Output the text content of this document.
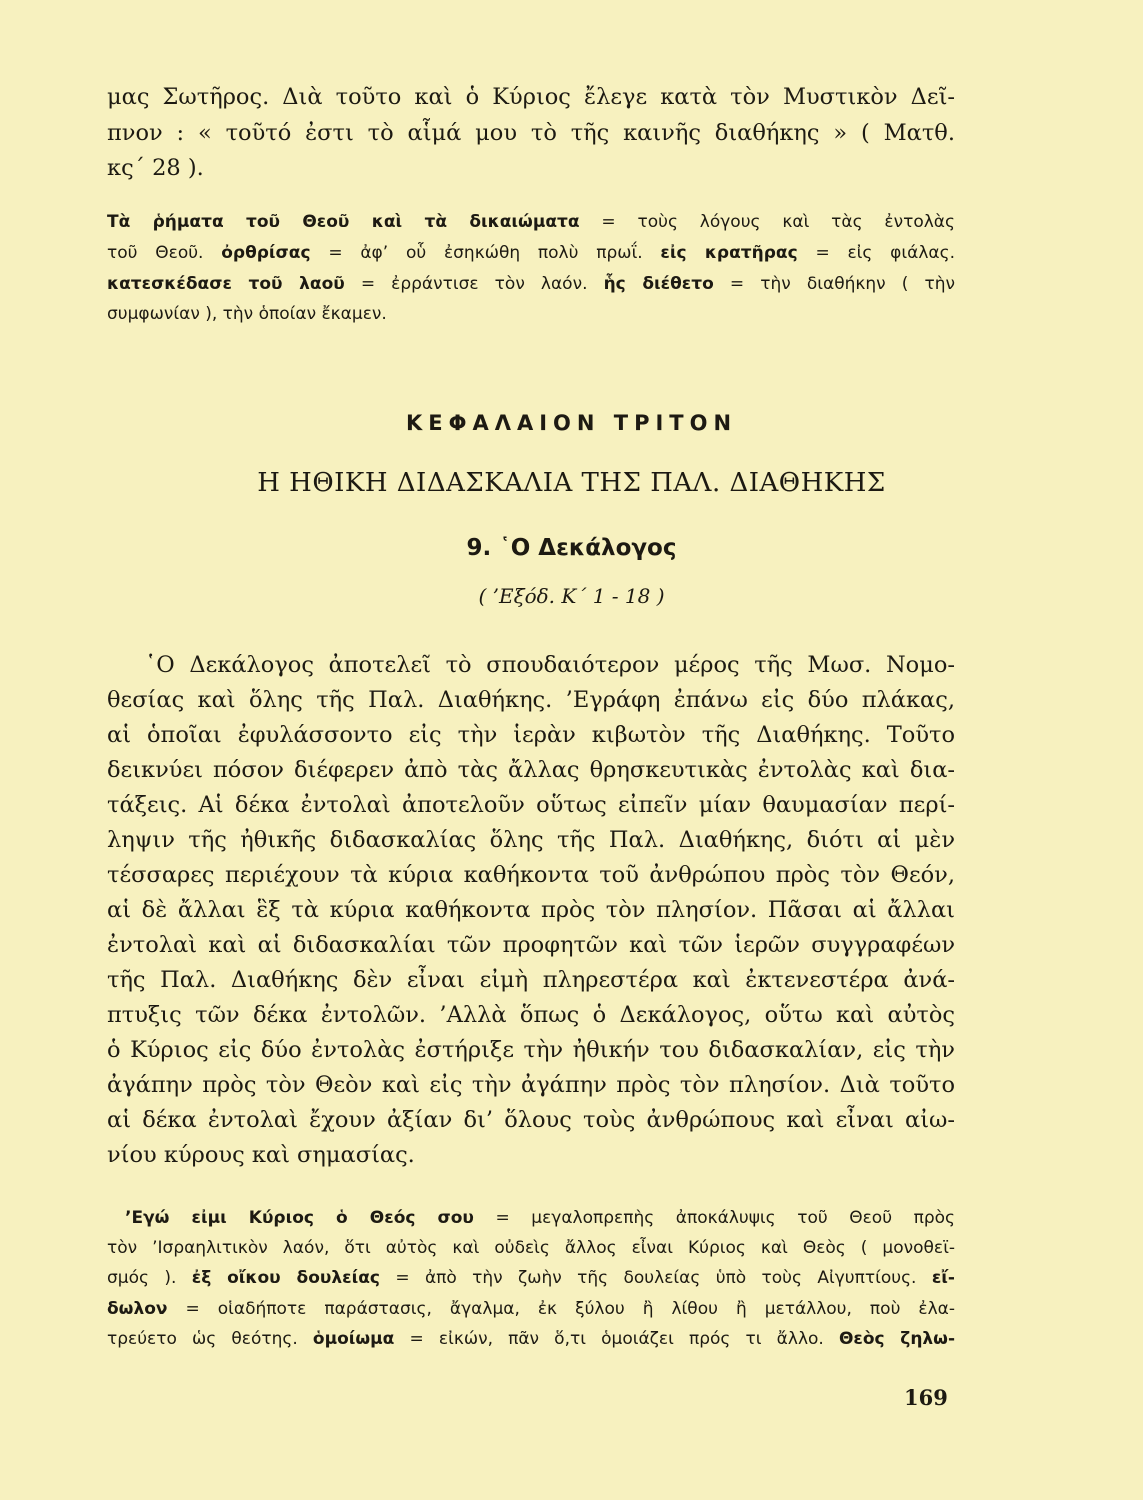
μας Σωτῆρος. Διὰ τοῦτο καὶ ὁ Κύριος ἔλεγε κατὰ τὸν Μυστικὸν Δεῖ-
πνον : « τοῦτό ἐστι τὸ αἷμά μου τὸ τῆς καινῆς διαθήκης » ( Ματθ.
κς΄ 28 ).
Τὰ ῥήματα τοῦ Θεοῦ καὶ τὰ δικαιώματα = τοὺς λόγους καὶ τὰς ἐντολὰς
τοῦ Θεοῦ. ὀρθρίσας = ἀφ’ οὗ ἐσηκώθη πολὺ πρωΐ. εἰς κρατῆρας = εἰς φιάλας.
κατεσκέδασε τοῦ λαοῦ = ἐρράντισε τὸν λαόν. ἧς διέθετο = τὴν διαθήκην ( τὴν
συμφωνίαν ), τὴν ὁποίαν ἔκαμεν.
ΚΕΦΑΛΑΙΟΝ ΤΡΙΤΟΝ
Η ΗΘΙΚΗ ΔΙΔΑΣΚΑΛΙΑ ΤΗΣ ΠΑΛ. ΔΙΑΘΗΚΗΣ
9. ῾Ο Δεκάλογος
( ’Εξόδ. Κ΄ 1 - 18 )
῾Ο Δεκάλογος ἀποτελεῖ τὸ σπουδαιότερον μέρος τῆς Μωσ. Νομο-
θεσίας καὶ ὅλης τῆς Παλ. Διαθήκης. ’Εγράφη ἐπάνω εἰς δύο πλάκας,
αἱ ὁποῖαι ἐφυλάσσοντο εἰς τὴν ἱερὰν κιβωτὸν τῆς Διαθήκης. Τοῦτο
δεικνύει πόσον διέφερεν ἀπὸ τὰς ἄλλας θρησκευτικὰς ἐντολὰς καὶ δια-
τάξεις. Αἱ δέκα ἐντολαὶ ἀποτελοῦν οὕτως εἰπεῖν μίαν θαυμασίαν περί-
ληψιν τῆς ἠθικῆς διδασκαλίας ὅλης τῆς Παλ. Διαθήκης, διότι αἱ μὲν
τέσσαρες περιέχουν τὰ κύρια καθήκοντα τοῦ ἀνθρώπου πρὸς τὸν Θεόν,
αἱ δὲ ἄλλαι ἓξ τὰ κύρια καθήκοντα πρὸς τὸν πλησίον. Πᾶσαι αἱ ἄλλαι
ἐντολαὶ καὶ αἱ διδασκαλίαι τῶν προφητῶν καὶ τῶν ἱερῶν συγγραφέων
τῆς Παλ. Διαθήκης δὲν εἶναι εἰμὴ πληρεστέρα καὶ ἐκτενεστέρα ἀνά-
πτυξις τῶν δέκα ἐντολῶν. ’Αλλὰ ὅπως ὁ Δεκάλογος, οὕτω καὶ αὐτὸς
ὁ Κύριος εἰς δύο ἐντολὰς ἐστήριξε τὴν ἠθικήν του διδασκαλίαν, εἰς τὴν
ἀγάπην πρὸς τὸν Θεὸν καὶ εἰς τὴν ἀγάπην πρὸς τὸν πλησίον. Διὰ τοῦτο
αἱ δέκα ἐντολαὶ ἔχουν ἀξίαν δι’ ὅλους τοὺς ἀνθρώπους καὶ εἶναι αἰω-
νίου κύρους καὶ σημασίας.
’Εγώ εἰμι Κύριος ὁ Θεός σου = μεγαλοπρεπὴς ἀποκάλυψις τοῦ Θεοῦ πρὸς
τὸν ’Ισραηλιτικὸν λαόν, ὅτι αὐτὸς καὶ οὐδεὶς ἄλλος εἶναι Κύριος καὶ Θεὸς ( μονοθεϊ-
σμός ). ἐξ οἴκου δουλείας = ἀπὸ τὴν ζωὴν τῆς δουλείας ὑπὸ τοὺς Αἰγυπτίους. εἴ-
δωλον = οἱαδήποτε παράστασις, ἄγαλμα, ἐκ ξύλου ἢ λίθου ἢ μετάλλου, ποὺ ἐλα-
τρεύετο ὡς θεότης. ὁμοίωμα = εἰκών, πᾶν ὅ,τι ὁμοιάζει πρός τι ἄλλο. Θεὸς ζηλω-
169
